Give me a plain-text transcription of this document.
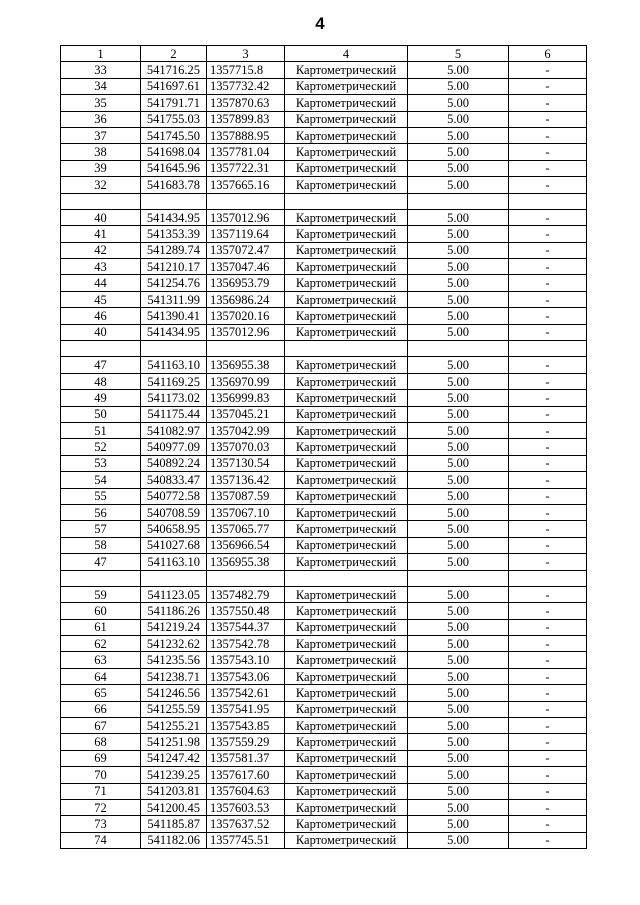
4
1	2	3	4	5	6
33	541716.25	1357715.8	Картометрический	5.00	-
34	541697.61	1357732.42	Картометрический	5.00	-
35	541791.71	1357870.63	Картометрический	5.00	-
36	541755.03	1357899.83	Картометрический	5.00	-
37	541745.50	1357888.95	Картометрический	5.00	-
38	541698.04	1357781.04	Картометрический	5.00	-
39	541645.96	1357722.31	Картометрический	5.00	-
32	541683.78	1357665.16	Картометрический	5.00	-

40	541434.95	1357012.96	Картометрический	5.00	-
41	541353.39	1357119.64	Картометрический	5.00	-
42	541289.74	1357072.47	Картометрический	5.00	-
43	541210.17	1357047.46	Картометрический	5.00	-
44	541254.76	1356953.79	Картометрический	5.00	-
45	541311.99	1356986.24	Картометрический	5.00	-
46	541390.41	1357020.16	Картометрический	5.00	-
40	541434.95	1357012.96	Картометрический	5.00	-

47	541163.10	1356955.38	Картометрический	5.00	-
48	541169.25	1356970.99	Картометрический	5.00	-
49	541173.02	1356999.83	Картометрический	5.00	-
50	541175.44	1357045.21	Картометрический	5.00	-
51	541082.97	1357042.99	Картометрический	5.00	-
52	540977.09	1357070.03	Картометрический	5.00	-
53	540892.24	1357130.54	Картометрический	5.00	-
54	540833.47	1357136.42	Картометрический	5.00	-
55	540772.58	1357087.59	Картометрический	5.00	-
56	540708.59	1357067.10	Картометрический	5.00	-
57	540658.95	1357065.77	Картометрический	5.00	-
58	541027.68	1356966.54	Картометрический	5.00	-
47	541163.10	1356955.38	Картометрический	5.00	-

59	541123.05	1357482.79	Картометрический	5.00	-
60	541186.26	1357550.48	Картометрический	5.00	-
61	541219.24	1357544.37	Картометрический	5.00	-
62	541232.62	1357542.78	Картометрический	5.00	-
63	541235.56	1357543.10	Картометрический	5.00	-
64	541238.71	1357543.06	Картометрический	5.00	-
65	541246.56	1357542.61	Картометрический	5.00	-
66	541255.59	1357541.95	Картометрический	5.00	-
67	541255.21	1357543.85	Картометрический	5.00	-
68	541251.98	1357559.29	Картометрический	5.00	-
69	541247.42	1357581.37	Картометрический	5.00	-
70	541239.25	1357617.60	Картометрический	5.00	-
71	541203.81	1357604.63	Картометрический	5.00	-
72	541200.45	1357603.53	Картометрический	5.00	-
73	541185.87	1357637.52	Картометрический	5.00	-
74	541182.06	1357745.51	Картометрический	5.00	-
